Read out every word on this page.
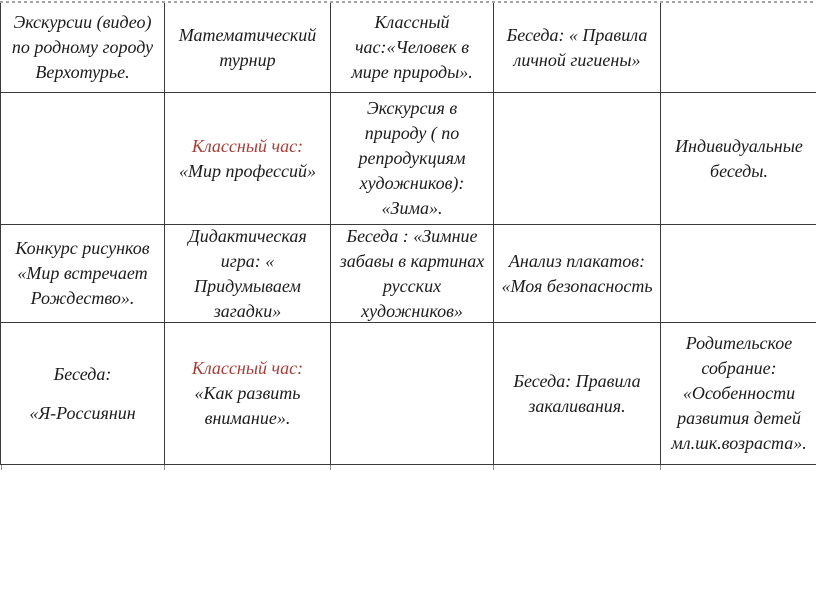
Экскурсии (видео)
по родному городу
Верхотурье.
Математический
турнир
Классный
час:«Человек в
мире природы».
Беседа: « Правила
личной гигиены»
Классный час:
«Мир профессий»
Экскурсия в
природу ( по
репродукциям
художников):
«Зима».
Индивидуальные
беседы.
Конкурс рисунков
«Мир встречает
Рождество».
Дидактическая
игра: «
Придумываем
загадки»
Беседа : «Зимние
забавы в картинах
русских
художников»
Анализ плакатов:
«Моя безопасность
Беседа:
«Я-Россиянин
Классный час:
«Как развить
внимание».
Беседа: Правила
закаливания.
Родительское
собрание:
«Особенности
развития детей
мл.шк.возраста».
